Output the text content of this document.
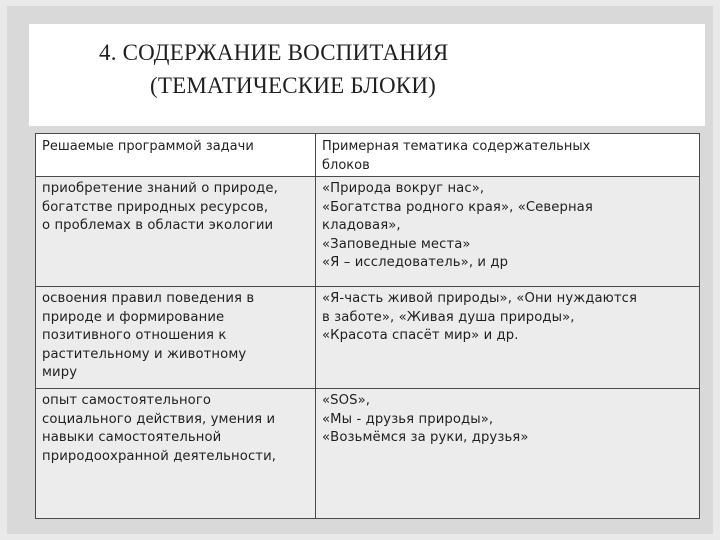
4. СОДЕРЖАНИЕ ВОСПИТАНИЯ
(ТЕМАТИЧЕСКИЕ БЛОКИ)
Решаемые программой задачи	Примерная тематика содержательных
блоков

приобретение знаний о природе,
богатстве природных ресурсов,
о проблемах в области экологии	«Природа вокруг нас»,
«Богатства родного края», «Северная
кладовая»,
«Заповедные места»
«Я – исследователь», и др

освоения правил поведения в
природе и формирование
позитивного отношения к
растительному и животному
миру	«Я-часть живой природы», «Они нуждаются
в заботе», «Живая душа природы»,
«Красота спасёт мир» и др.

опыт самостоятельного
социального действия, умения и
навыки самостоятельной
природоохранной деятельности,	«SOS»,
«Мы - друзья природы»,
«Возьмёмся за руки, друзья»
